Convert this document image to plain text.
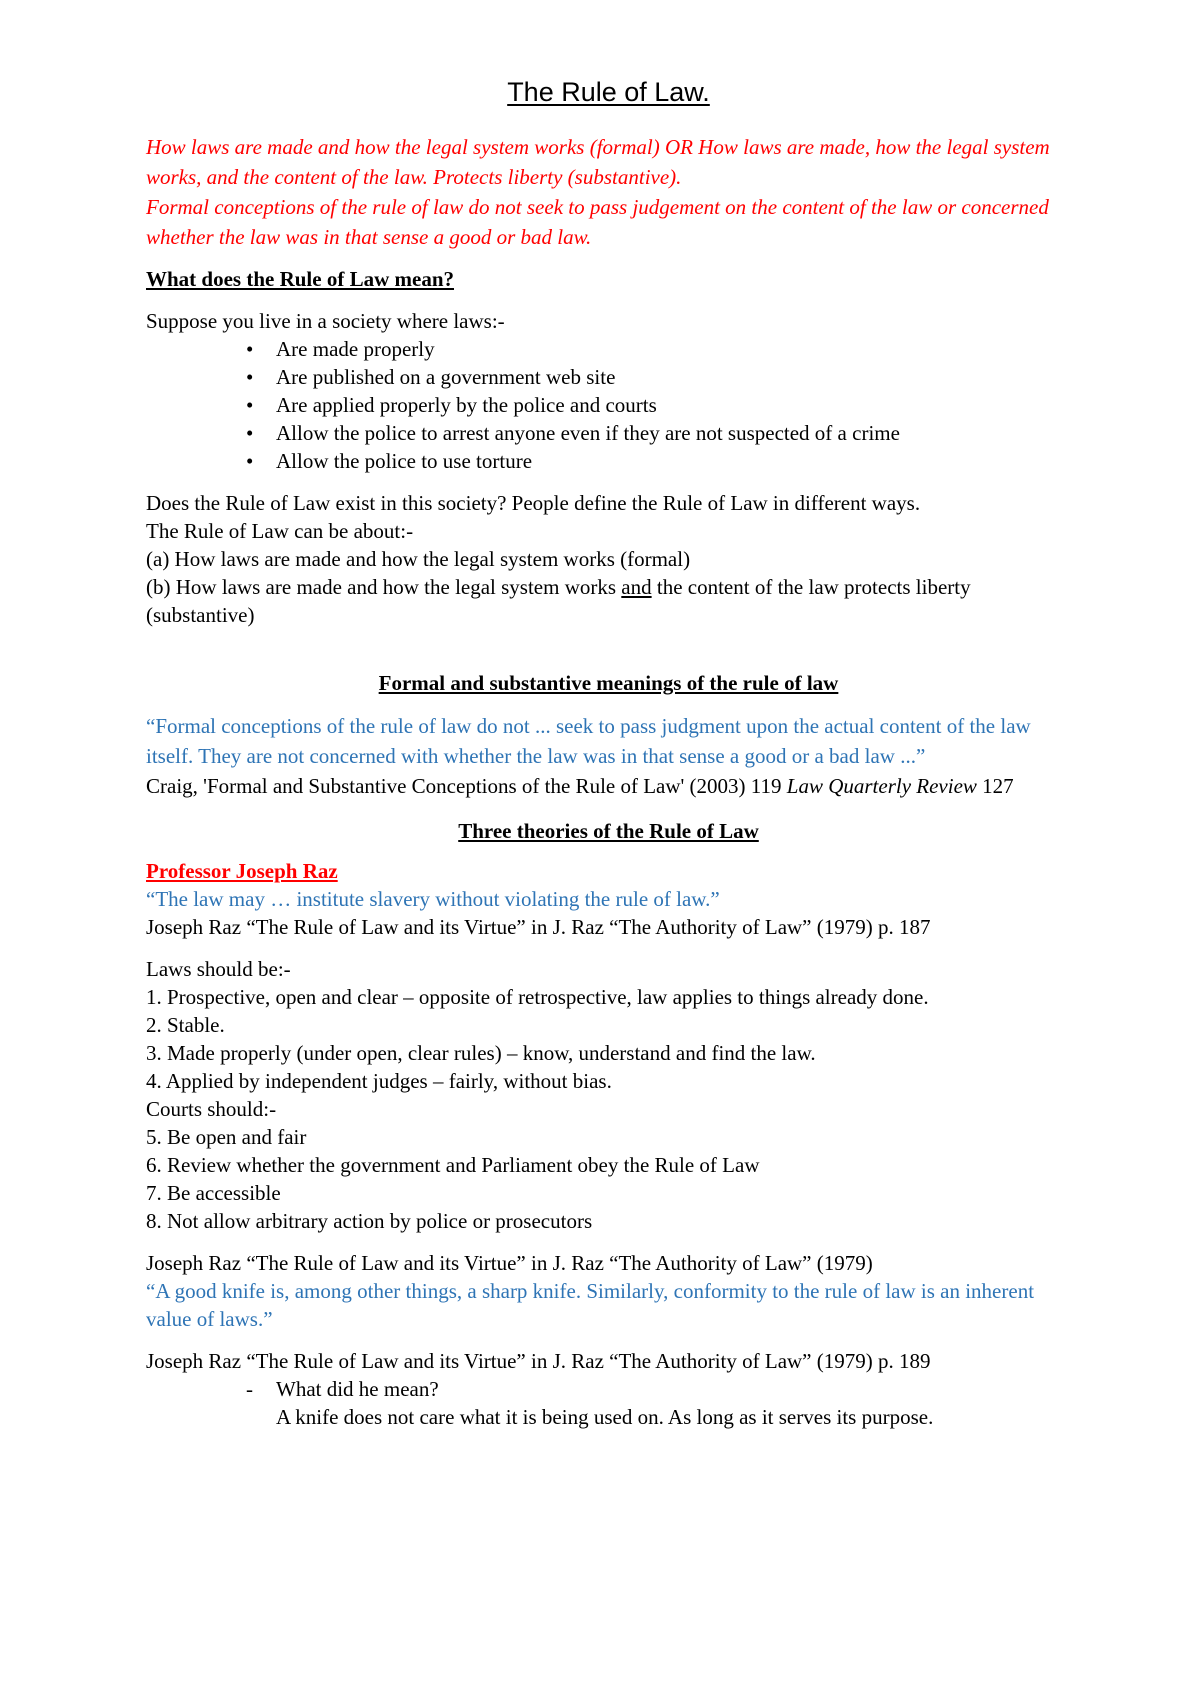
The Rule of Law.

How laws are made and how the legal system works (formal) OR How laws are made, how the legal system works, and the content of the law. Protects liberty (substantive).

Formal conceptions of the rule of law do not seek to pass judgement on the content of the law or concerned whether the law was in that sense a good or bad law.

What does the Rule of Law mean?

Suppose you live in a society where laws:-

• Are made properly
• Are published on a government web site
• Are applied properly by the police and courts
• Allow the police to arrest anyone even if they are not suspected of a crime
• Allow the police to use torture

Does the Rule of Law exist in this society? People define the Rule of Law in different ways.

The Rule of Law can be about:-

(a) How laws are made and how the legal system works (formal)

(b) How laws are made and how the legal system works and the content of the law protects liberty (substantive)

Formal and substantive meanings of the rule of law

“Formal conceptions of the rule of law do not ... seek to pass judgment upon the actual content of the law itself. They are not concerned with whether the law was in that sense a good or a bad law ...”

Craig, 'Formal and Substantive Conceptions of the Rule of Law' (2003) 119 Law Quarterly Review 127

Three theories of the Rule of Law
Professor Joseph Raz

“The law may … institute slavery without violating the rule of law.”

Joseph Raz “The Rule of Law and its Virtue” in J. Raz “The Authority of Law” (1979) p. 187

Laws should be:-

1. Prospective, open and clear – opposite of retrospective, law applies to things already done.

2. Stable.

3. Made properly (under open, clear rules) – know, understand and find the law.

4. Applied by independent judges – fairly, without bias.

Courts should:-

5. Be open and fair

6. Review whether the government and Parliament obey the Rule of Law

7. Be accessible

8. Not allow arbitrary action by police or prosecutors

Joseph Raz “The Rule of Law and its Virtue” in J. Raz “The Authority of Law” (1979)

“A good knife is, among other things, a sharp knife. Similarly, conformity to the rule of law is an inherent value of laws.”

Joseph Raz “The Rule of Law and its Virtue” in J. Raz “The Authority of Law” (1979) p. 189

-	What did he mean?
A knife does not care what it is being used on. As long as it serves its purpose.
